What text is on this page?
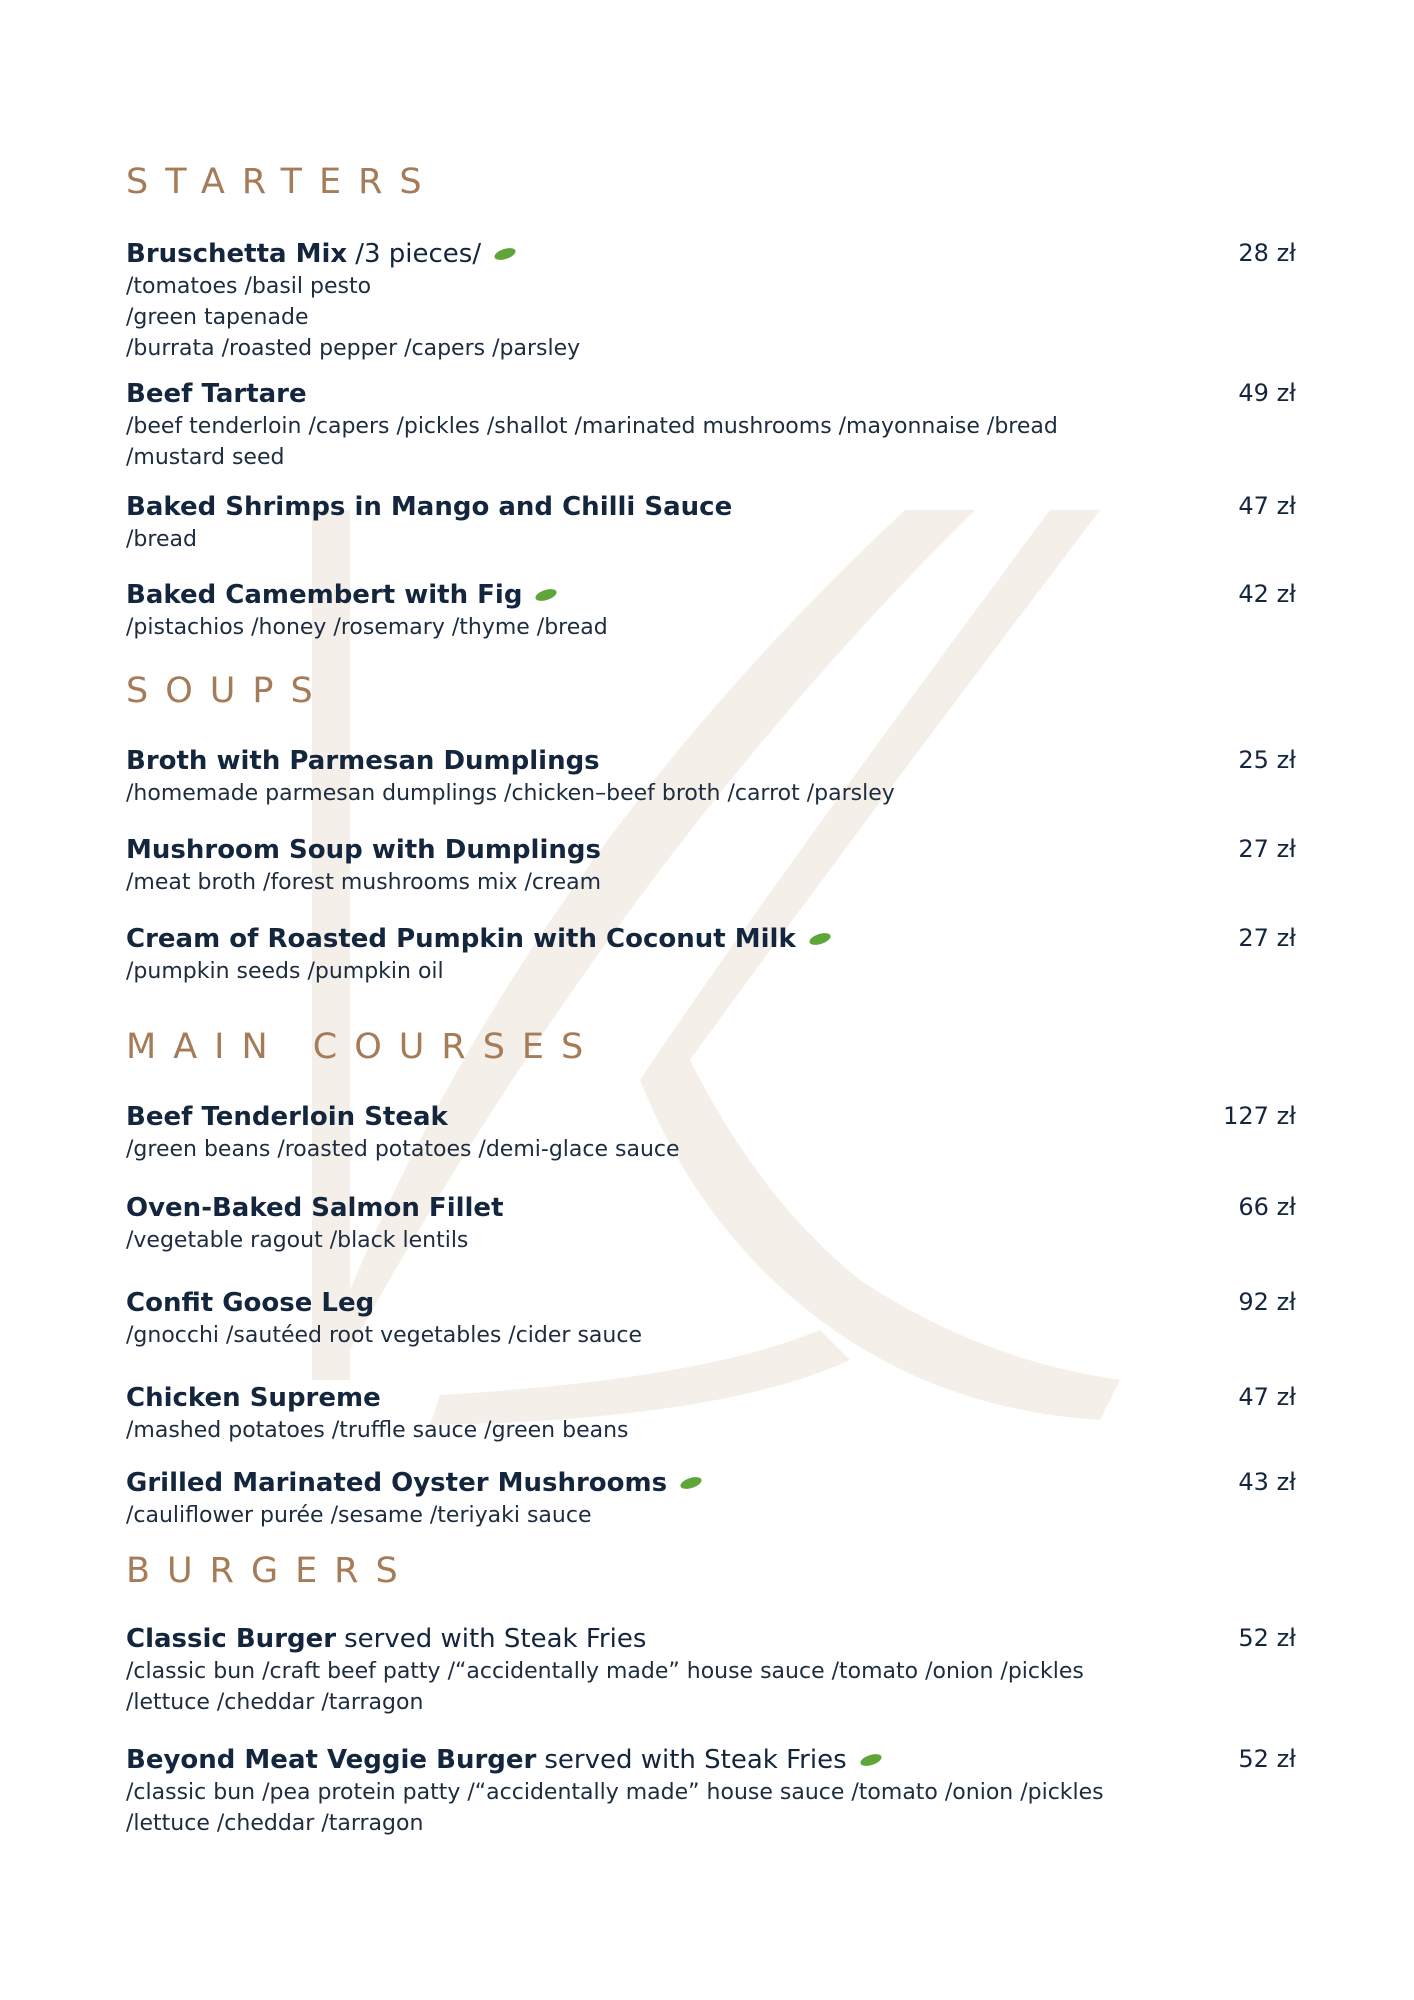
STARTERS
Bruschetta Mix /3 pieces/	28 zł
/tomatoes /basil pesto
/green tapenade
/burrata /roasted pepper /capers /parsley
Beef Tartare	49 zł
/beef tenderloin /capers /pickles /shallot /marinated mushrooms /mayonnaise /bread
/mustard seed
Baked Shrimps in Mango and Chilli Sauce	47 zł
/bread
Baked Camembert with Fig	42 zł
/pistachios /honey /rosemary /thyme /bread
SOUPS
Broth with Parmesan Dumplings	25 zł
/homemade parmesan dumplings /chicken–beef broth /carrot /parsley
Mushroom Soup with Dumplings	27 zł
/meat broth /forest mushrooms mix /cream
Cream of Roasted Pumpkin with Coconut Milk	27 zł
/pumpkin seeds /pumpkin oil
MAIN COURSES
Beef Tenderloin Steak	127 zł
/green beans /roasted potatoes /demi-glace sauce
Oven-Baked Salmon Fillet	66 zł
/vegetable ragout /black lentils
Confit Goose Leg	92 zł
/gnocchi /sautéed root vegetables /cider sauce
Chicken Supreme	47 zł
/mashed potatoes /truffle sauce /green beans
Grilled Marinated Oyster Mushrooms	43 zł
/cauliflower purée /sesame /teriyaki sauce
BURGERS
Classic Burger served with Steak Fries	52 zł
/classic bun /craft beef patty /“accidentally made” house sauce /tomato /onion /pickles
/lettuce /cheddar /tarragon
Beyond Meat Veggie Burger served with Steak Fries	52 zł
/classic bun /pea protein patty /“accidentally made” house sauce /tomato /onion /pickles
/lettuce /cheddar /tarragon
